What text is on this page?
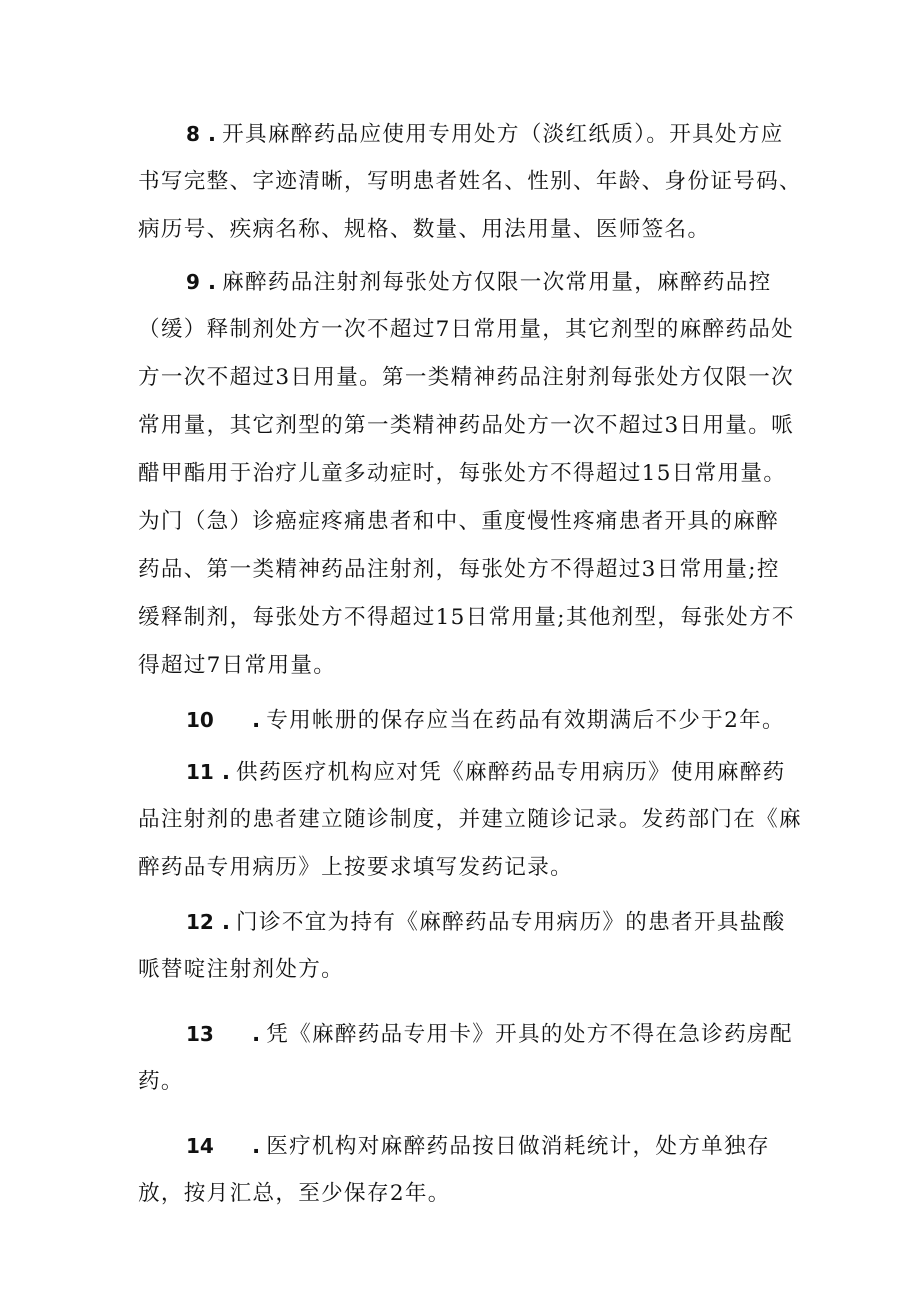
8 . 开具麻醉药品应使用专用处方（淡红纸质）。开具处方应
书写完整、字迹清晰，写明患者姓名、性别、年龄、身份证号码、
病历号、疾病名称、规格、数量、用法用量、医师签名。
9 . 麻醉药品注射剂每张处方仅限一次常用量，麻醉药品控
（缓）释制剂处方一次不超过7日常用量，其它剂型的麻醉药品处
方一次不超过3日用量。第一类精神药品注射剂每张处方仅限一次
常用量，其它剂型的第一类精神药品处方一次不超过3日用量。哌
醋甲酯用于治疗儿童多动症时，每张处方不得超过15日常用量。
为门（急）诊癌症疼痛患者和中、重度慢性疼痛患者开具的麻醉
药品、第一类精神药品注射剂，每张处方不得超过3日常用量;控
缓释制剂，每张处方不得超过15日常用量;其他剂型，每张处方不
得超过7日常用量。
10 . 专用帐册的保存应当在药品有效期满后不少于2年。
11 . 供药医疗机构应对凭《麻醉药品专用病历》使用麻醉药
品注射剂的患者建立随诊制度，并建立随诊记录。发药部门在《麻
醉药品专用病历》上按要求填写发药记录。
12 . 门诊不宜为持有《麻醉药品专用病历》的患者开具盐酸
哌替啶注射剂处方。
13 . 凭《麻醉药品专用卡》开具的处方不得在急诊药房配
药。
14 . 医疗机构对麻醉药品按日做消耗统计，处方单独存
放，按月汇总，至少保存2年。
